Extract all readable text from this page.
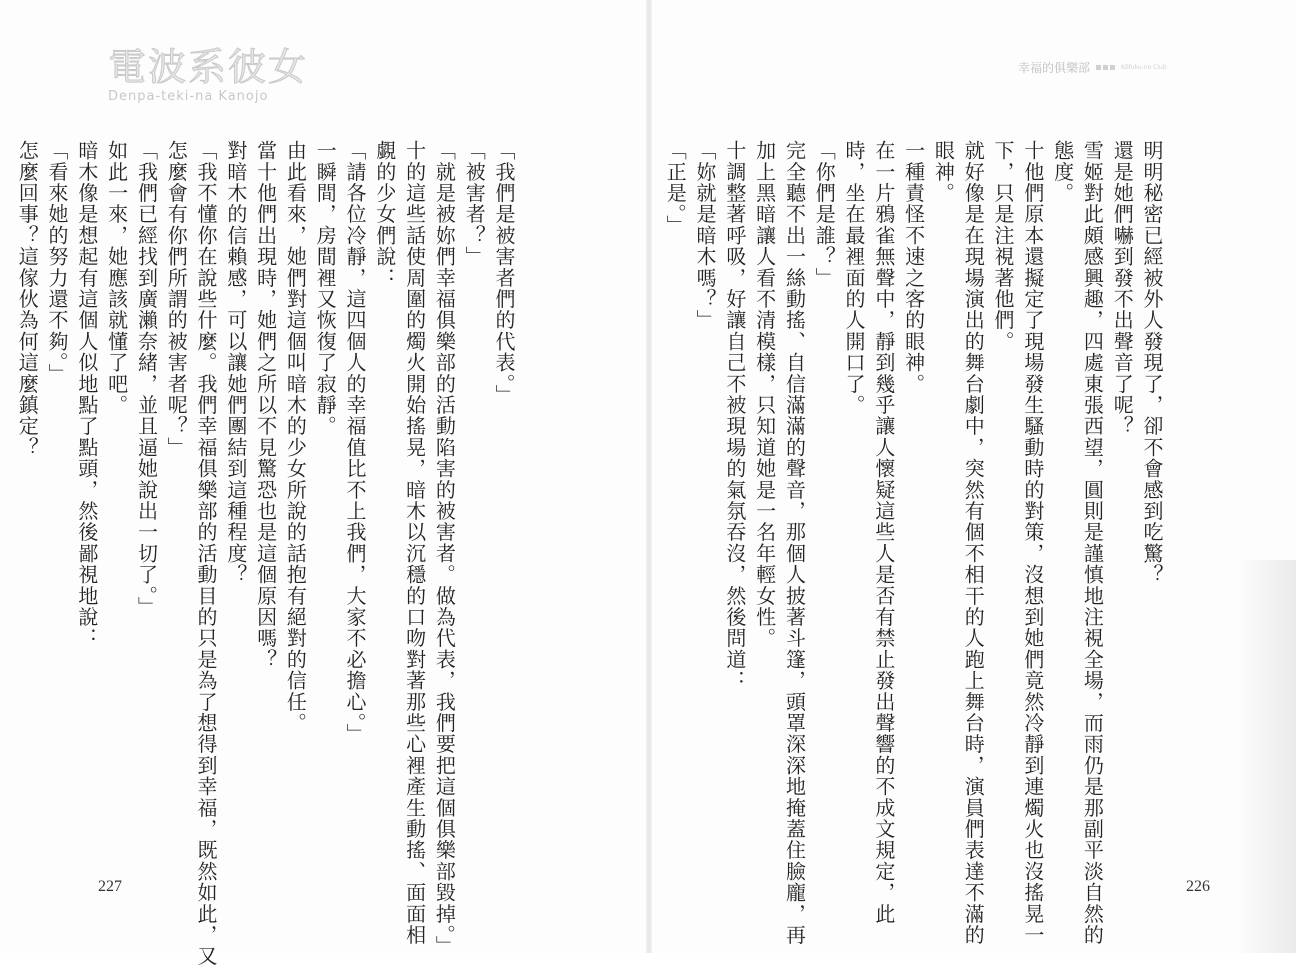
電波系彼女
Denpa-teki-na Kanojo
幸福的俱樂部	Kōfuku-no Club

明明秘密已經被外人發現了，卻不會感到吃驚？

還是她們嚇到發不出聲音了呢？

雪姬對此頗感興趣，四處東張西望，圓則是謹慎地注視全場，而雨仍是那副平淡自然的

態度。

十他們原本還擬定了現場發生騷動時的對策，沒想到她們竟然冷靜到連燭火也沒搖晃一

下，只是注視著他們。

就好像是在現場演出的舞台劇中，突然有個不相干的人跑上舞台時，演員們表達不滿的

眼神。

一種責怪不速之客的眼神。

在一片鴉雀無聲中，靜到幾乎讓人懷疑這些人是否有禁止發出聲響的不成文規定，此

時，坐在最裡面的人開口了。

「你們是誰？」

完全聽不出一絲動搖、自信滿滿的聲音，那個人披著斗篷，頭罩深深地掩蓋住臉龐，再

加上黑暗讓人看不清模樣，只知道她是一名年輕女性。

十調整著呼吸，好讓自己不被現場的氣氛吞沒，然後問道：

「妳就是暗木嗎？」

「正是。」

「我們是被害者們的代表。」

「被害者？」

「就是被妳們幸福俱樂部的活動陷害的被害者。做為代表，我們要把這個俱樂部毀掉。」

十的這些話使周圍的燭火開始搖晃，暗木以沉穩的口吻對著那些心裡產生動搖、面面相

覷的少女們說：

「請各位冷靜，這四個人的幸福值比不上我們，大家不必擔心。」

一瞬間，房間裡又恢復了寂靜。

由此看來，她們對這個叫暗木的少女所說的話抱有絕對的信任。

當十他們出現時，她們之所以不見驚恐也是這個原因嗎？

對暗木的信賴感，可以讓她們團結到這種程度？

「我不懂你在說些什麼。我們幸福俱樂部的活動目的只是為了想得到幸福，既然如此，又

怎麼會有你們所謂的被害者呢？」

「我們已經找到廣瀨奈緒，並且逼她說出一切了。」

如此一來，她應該就懂了吧。

暗木像是想起有這個人似地點了點頭，然後鄙視地說：

「看來她的努力還不夠。」

怎麼回事？這傢伙為何這麼鎮定？

227	226
